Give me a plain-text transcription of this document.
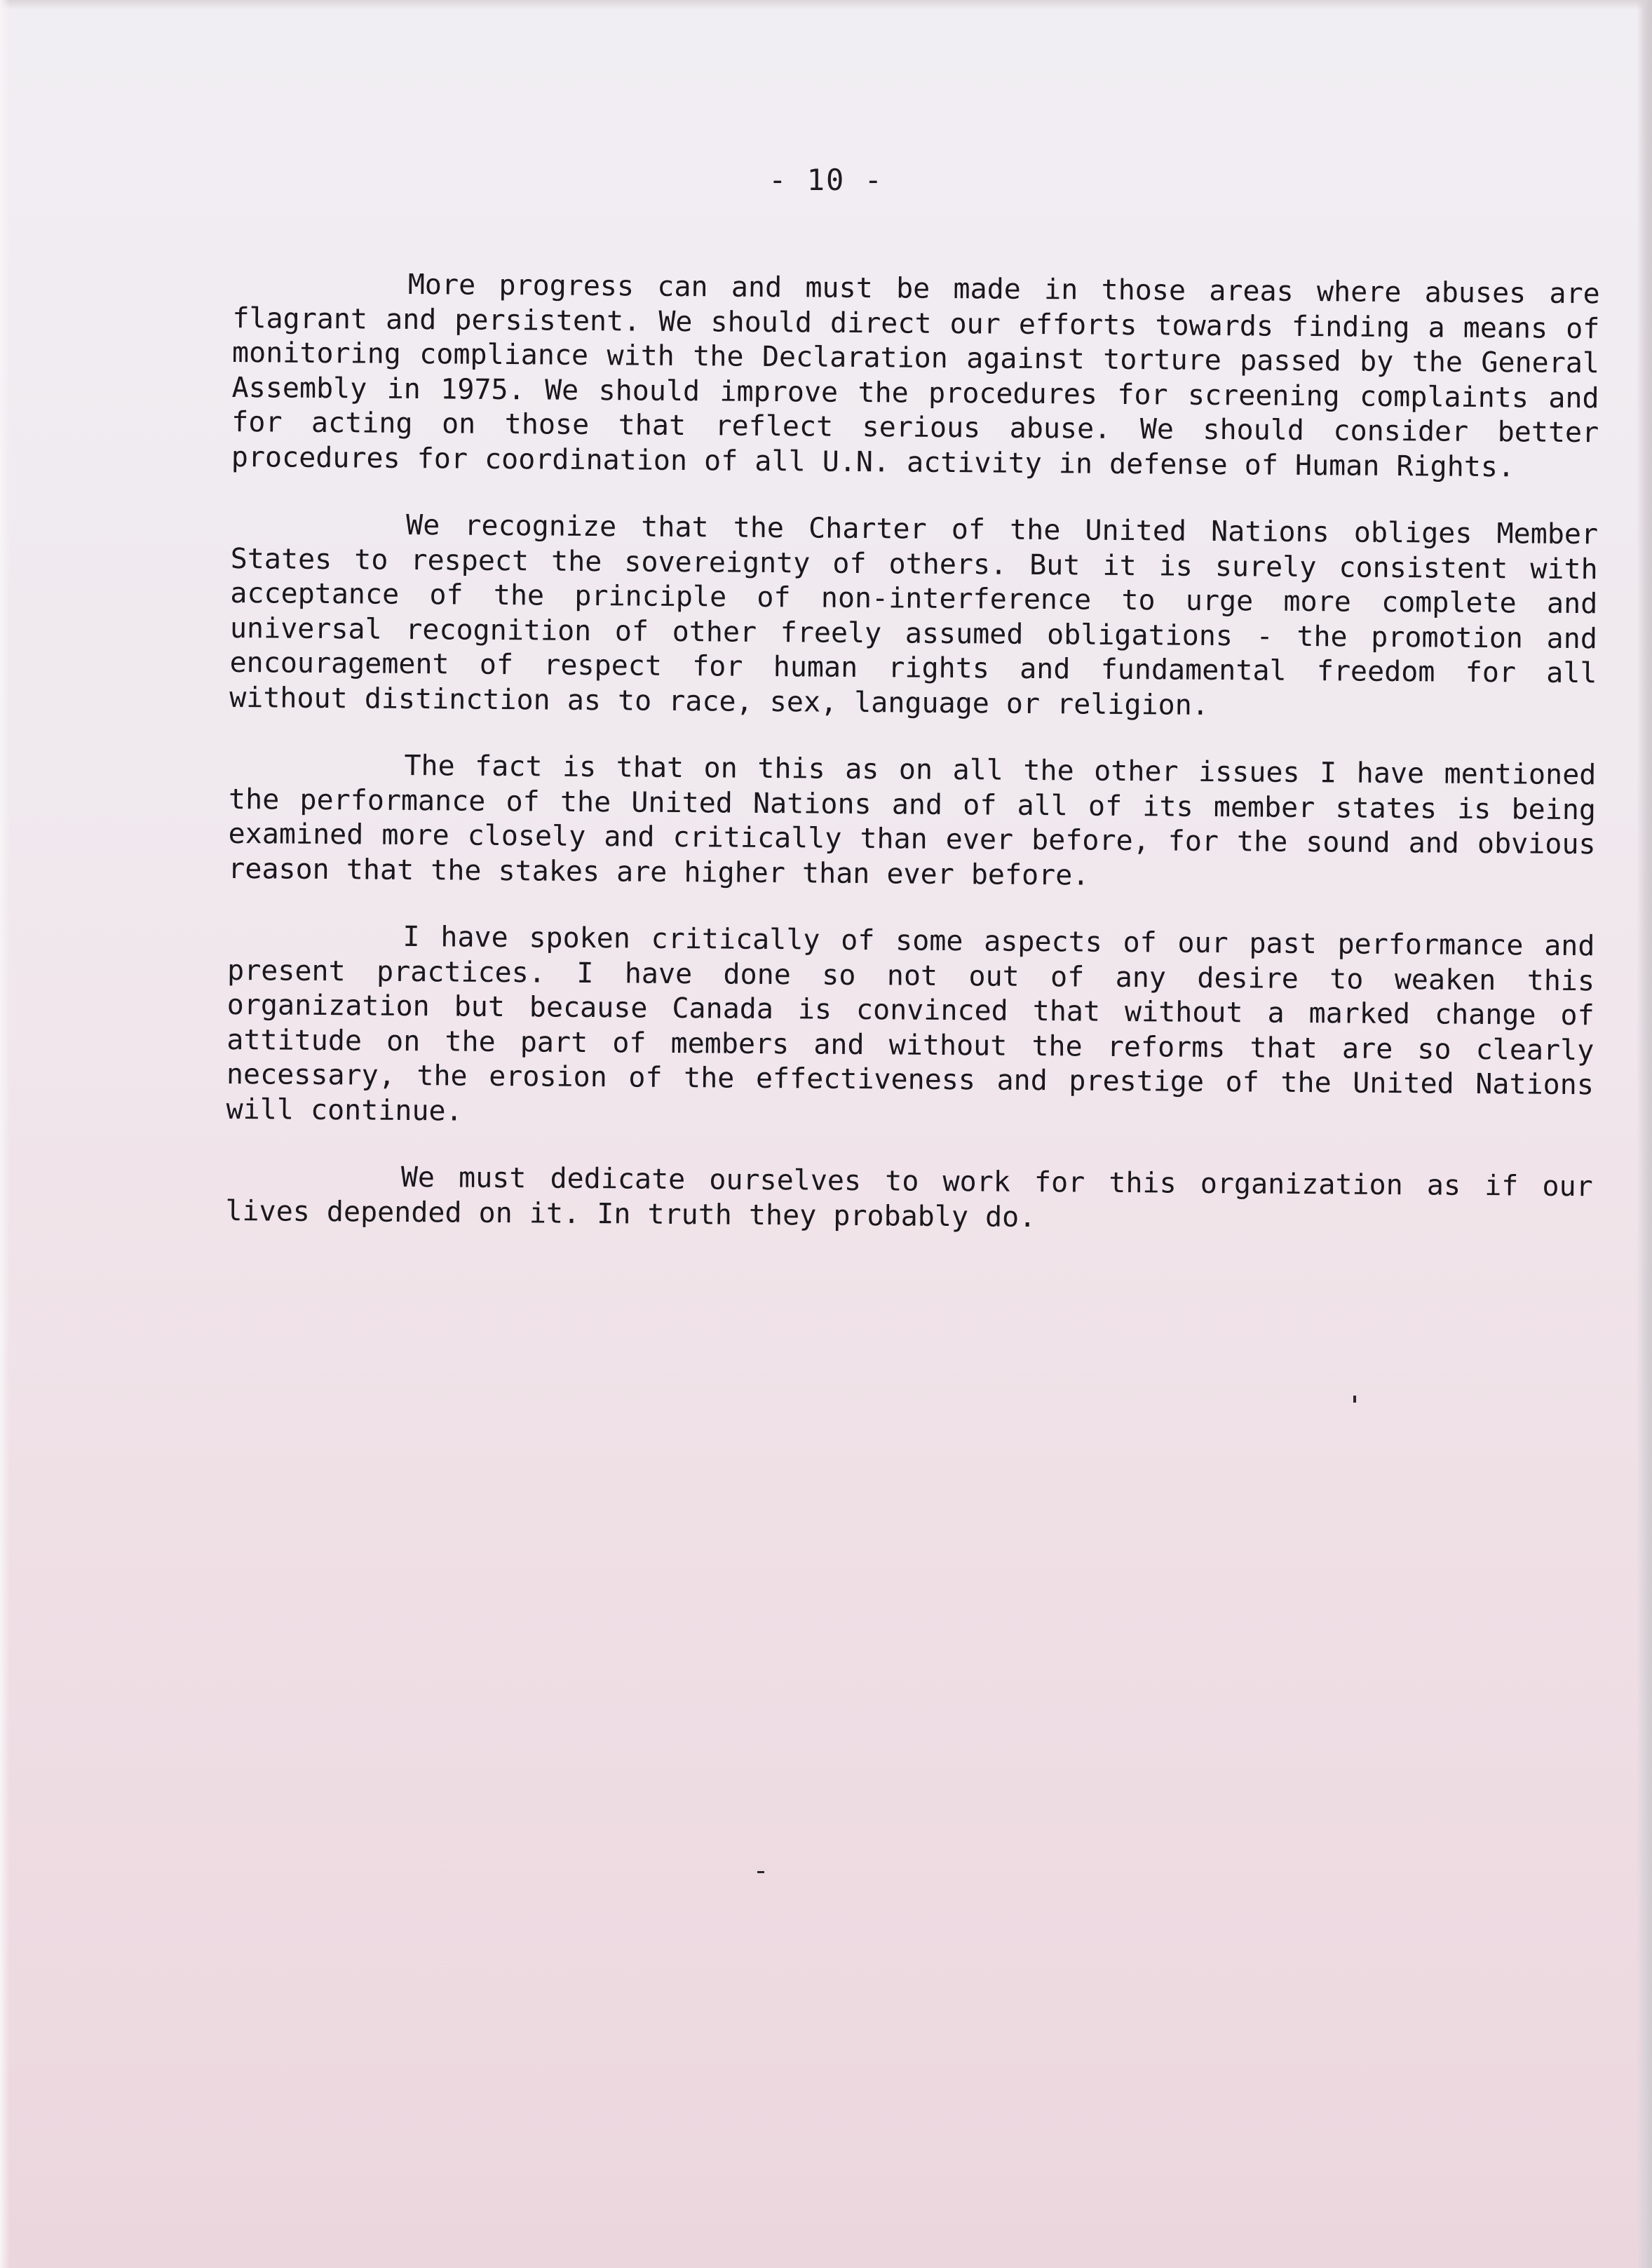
- 10 -

More progress can and must be made in those areas where abuses are flagrant and persistent. We should direct our efforts towards finding a means of monitoring compliance with the Declaration against torture passed by the General Assembly in 1975. We should improve the procedures for screening complaints and for acting on those that reflect serious abuse. We should consider better procedures for coordination of all U.N. activity in defense of Human Rights.

We recognize that the Charter of the United Nations obliges Member States to respect the sovereignty of others. But it is surely consistent with acceptance of the principle of non-interference to urge more complete and universal recognition of other freely assumed obligations - the promotion and encouragement of respect for human rights and fundamental freedom for all without distinction as to race, sex, language or religion.

The fact is that on this as on all the other issues I have mentioned the performance of the United Nations and of all of its member states is being examined more closely and critically than ever before, for the sound and obvious reason that the stakes are higher than ever before.

I have spoken critically of some aspects of our past performance and present practices. I have done so not out of any desire to weaken this organization but because Canada is convinced that without a marked change of attitude on the part of members and without the reforms that are so clearly necessary, the erosion of the effectiveness and prestige of the United Nations will continue.

We must dedicate ourselves to work for this organization as if our lives depended on it. In truth they probably do.
